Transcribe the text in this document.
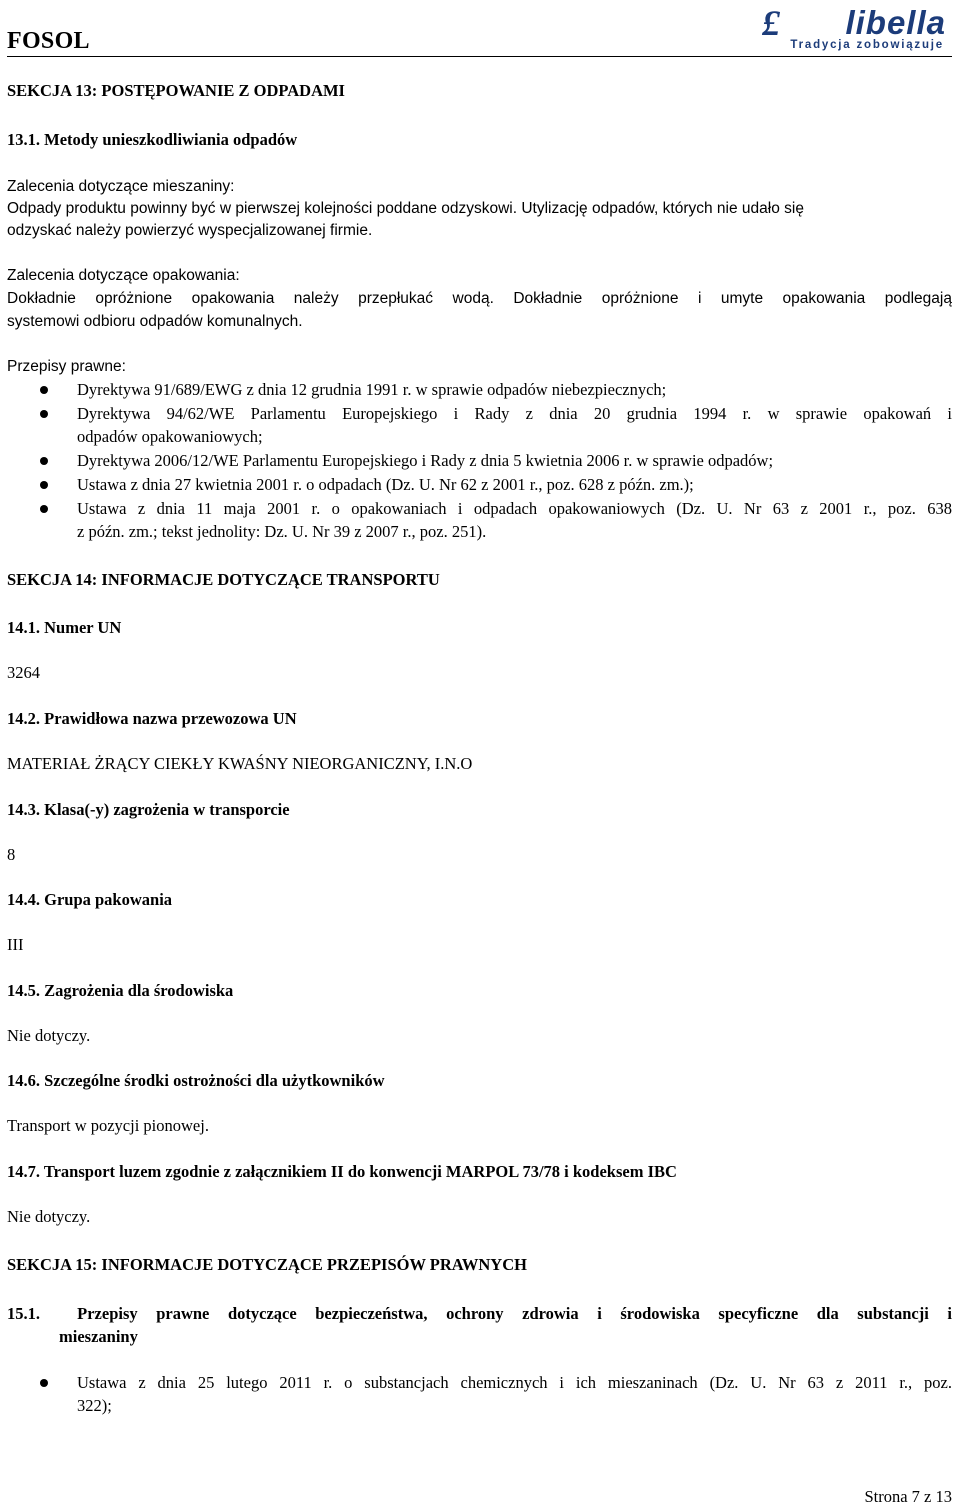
FOSOL	£ libella
Tradycja zobowiązuje
SEKCJA 13: POSTĘPOWANIE Z ODPADAMI
13.1. Metody unieszkodliwiania odpadów
Zalecenia dotyczące mieszaniny:
Odpady produktu powinny być w pierwszej kolejności poddane odzyskowi. Utylizację odpadów, których nie udało się
odzyskać należy powierzyć wyspecjalizowanej firmie.
Zalecenia dotyczące opakowania:
Dokładnie opróżnione opakowania należy przepłukać wodą. Dokładnie opróżnione i umyte opakowania podlegają
systemowi odbioru odpadów komunalnych.
Przepisy prawne:
Dyrektywa 91/689/EWG z dnia 12 grudnia 1991 r. w sprawie odpadów niebezpiecznych;
Dyrektywa 94/62/WE Parlamentu Europejskiego i Rady z dnia 20 grudnia 1994 r. w sprawie opakowań i
odpadów opakowaniowych;
Dyrektywa 2006/12/WE Parlamentu Europejskiego i Rady z dnia 5 kwietnia 2006 r. w sprawie odpadów;
Ustawa z dnia 27 kwietnia 2001 r. o odpadach (Dz. U. Nr 62 z 2001 r., poz. 628 z późn. zm.);
Ustawa z dnia 11 maja 2001 r. o opakowaniach i odpadach opakowaniowych (Dz. U. Nr 63 z 2001 r., poz. 638
z późn. zm.; tekst jednolity: Dz. U. Nr 39 z 2007 r., poz. 251).
SEKCJA 14: INFORMACJE DOTYCZĄCE TRANSPORTU
14.1. Numer UN
3264
14.2. Prawidłowa nazwa przewozowa UN
MATERIAŁ ŻRĄCY CIEKŁY KWAŚNY NIEORGANICZNY, I.N.O
14.3. Klasa(-y) zagrożenia w transporcie
8
14.4. Grupa pakowania
III
14.5. Zagrożenia dla środowiska
Nie dotyczy.
14.6. Szczególne środki ostrożności dla użytkowników
Transport w pozycji pionowej.
14.7. Transport luzem zgodnie z załącznikiem II do konwencji MARPOL 73/78 i kodeksem IBC
Nie dotyczy.
SEKCJA 15: INFORMACJE DOTYCZĄCE PRZEPISÓW PRAWNYCH
15.1. Przepisy prawne dotyczące bezpieczeństwa, ochrony zdrowia i środowiska specyficzne dla substancji i
mieszaniny
Ustawa z dnia 25 lutego 2011 r. o substancjach chemicznych i ich mieszaninach (Dz. U. Nr 63 z 2011 r., poz.
322);
Strona 7 z 13
